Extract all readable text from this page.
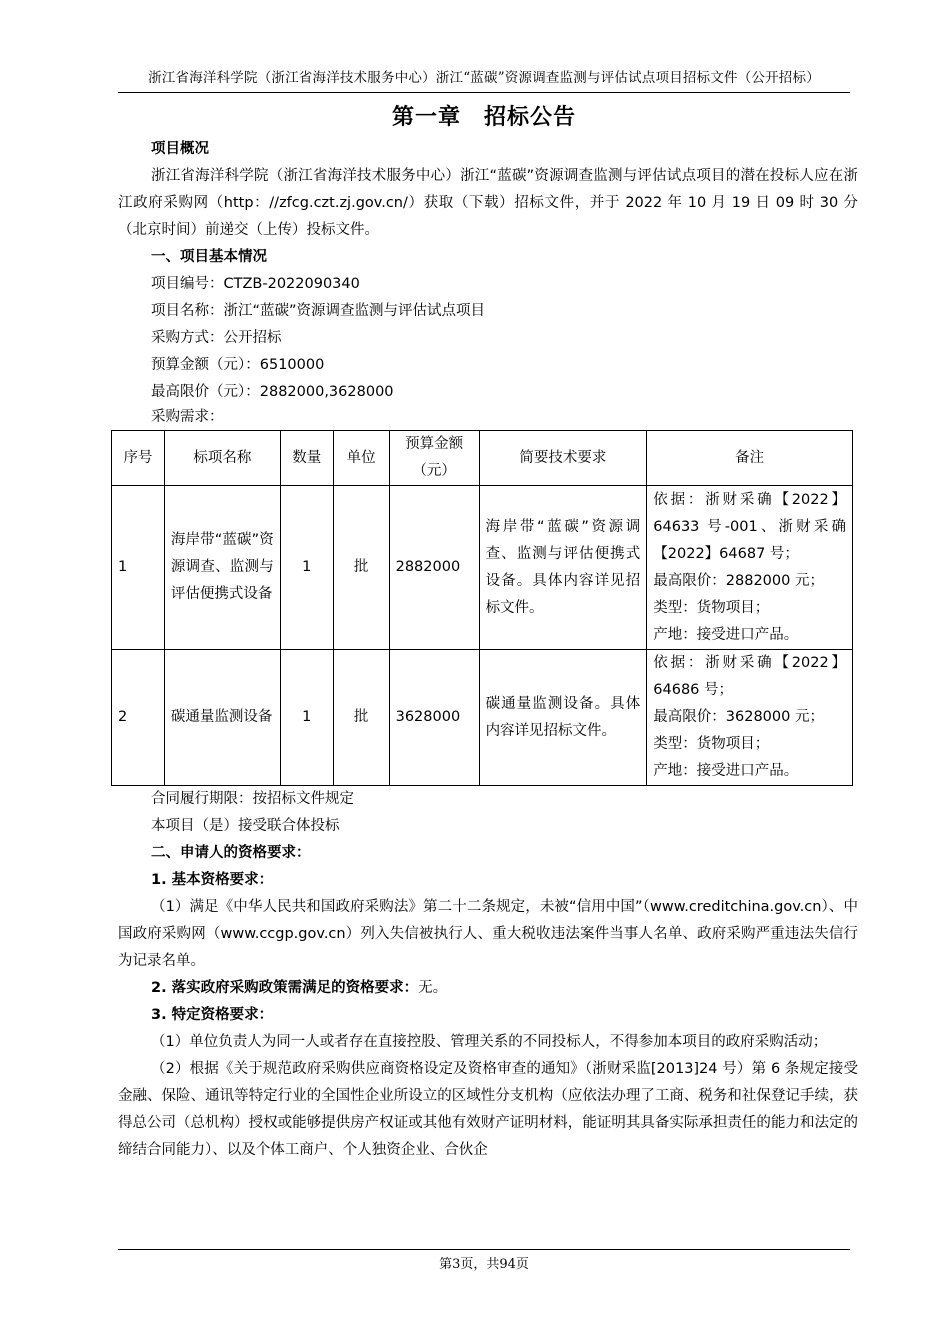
浙江省海洋科学院（浙江省海洋技术服务中心）浙江“蓝碳”资源调查监测与评估试点项目招标文件（公开招标）
第一章　招标公告

项目概况

浙江省海洋科学院（浙江省海洋技术服务中心）浙江“蓝碳”资源调查监测与评估试点项目的潜在投标人应在浙江政府采购网（http：//zfcg.czt.zj.gov.cn/）获取（下载）招标文件，并于 2022 年 10 月 19 日 09 时 30 分（北京时间）前递交（上传）投标文件。

一、项目基本情况

项目编号：CTZB-2022090340

项目名称：浙江“蓝碳”资源调查监测与评估试点项目

采购方式：公开招标

预算金额（元）：6510000

最高限价（元）：2882000,3628000

采购需求：

序号	标项名称	数量	单位	预算金额（元）	简要技术要求	备注
1	海岸带“蓝碳”资源调查、监测与评估便携式设备	1	批	2882000	海岸带“蓝碳”资源调查、监测与评估便携式设备。具体内容详见招标文件。	依据：浙财采确【2022】64633 号-001、浙财采确【2022】64687 号；
最高限价：2882000 元；
类型：货物项目；
产地：接受进口产品。

2	碳通量监测设备	1	批	3628000	碳通量监测设备。具体内容详见招标文件。	依据：浙财采确【2022】64686 号；
最高限价：3628000 元；
类型：货物项目；
产地：接受进口产品。

合同履行期限：按招标文件规定

本项目（是）接受联合体投标

二、申请人的资格要求：

1. 基本资格要求：

（1）满足《中华人民共和国政府采购法》第二十二条规定，未被“信用中国”（www.creditchina.gov.cn）、中国政府采购网（www.ccgp.gov.cn）列入失信被执行人、重大税收违法案件当事人名单、政府采购严重违法失信行为记录名单。

2. 落实政府采购政策需满足的资格要求：无。

3. 特定资格要求：

（1）单位负责人为同一人或者存在直接控股、管理关系的不同投标人，不得参加本项目的政府采购活动；

（2）根据《关于规范政府采购供应商资格设定及资格审查的通知》（浙财采监[2013]24 号）第 6 条规定接受金融、保险、通讯等特定行业的全国性企业所设立的区域性分支机构（应依法办理了工商、税务和社保登记手续，获得总公司（总机构）授权或能够提供房产权证或其他有效财产证明材料，能证明其具备实际承担责任的能力和法定的缔结合同能力）、以及个体工商户、个人独资企业、合伙企

第3页，共94页
